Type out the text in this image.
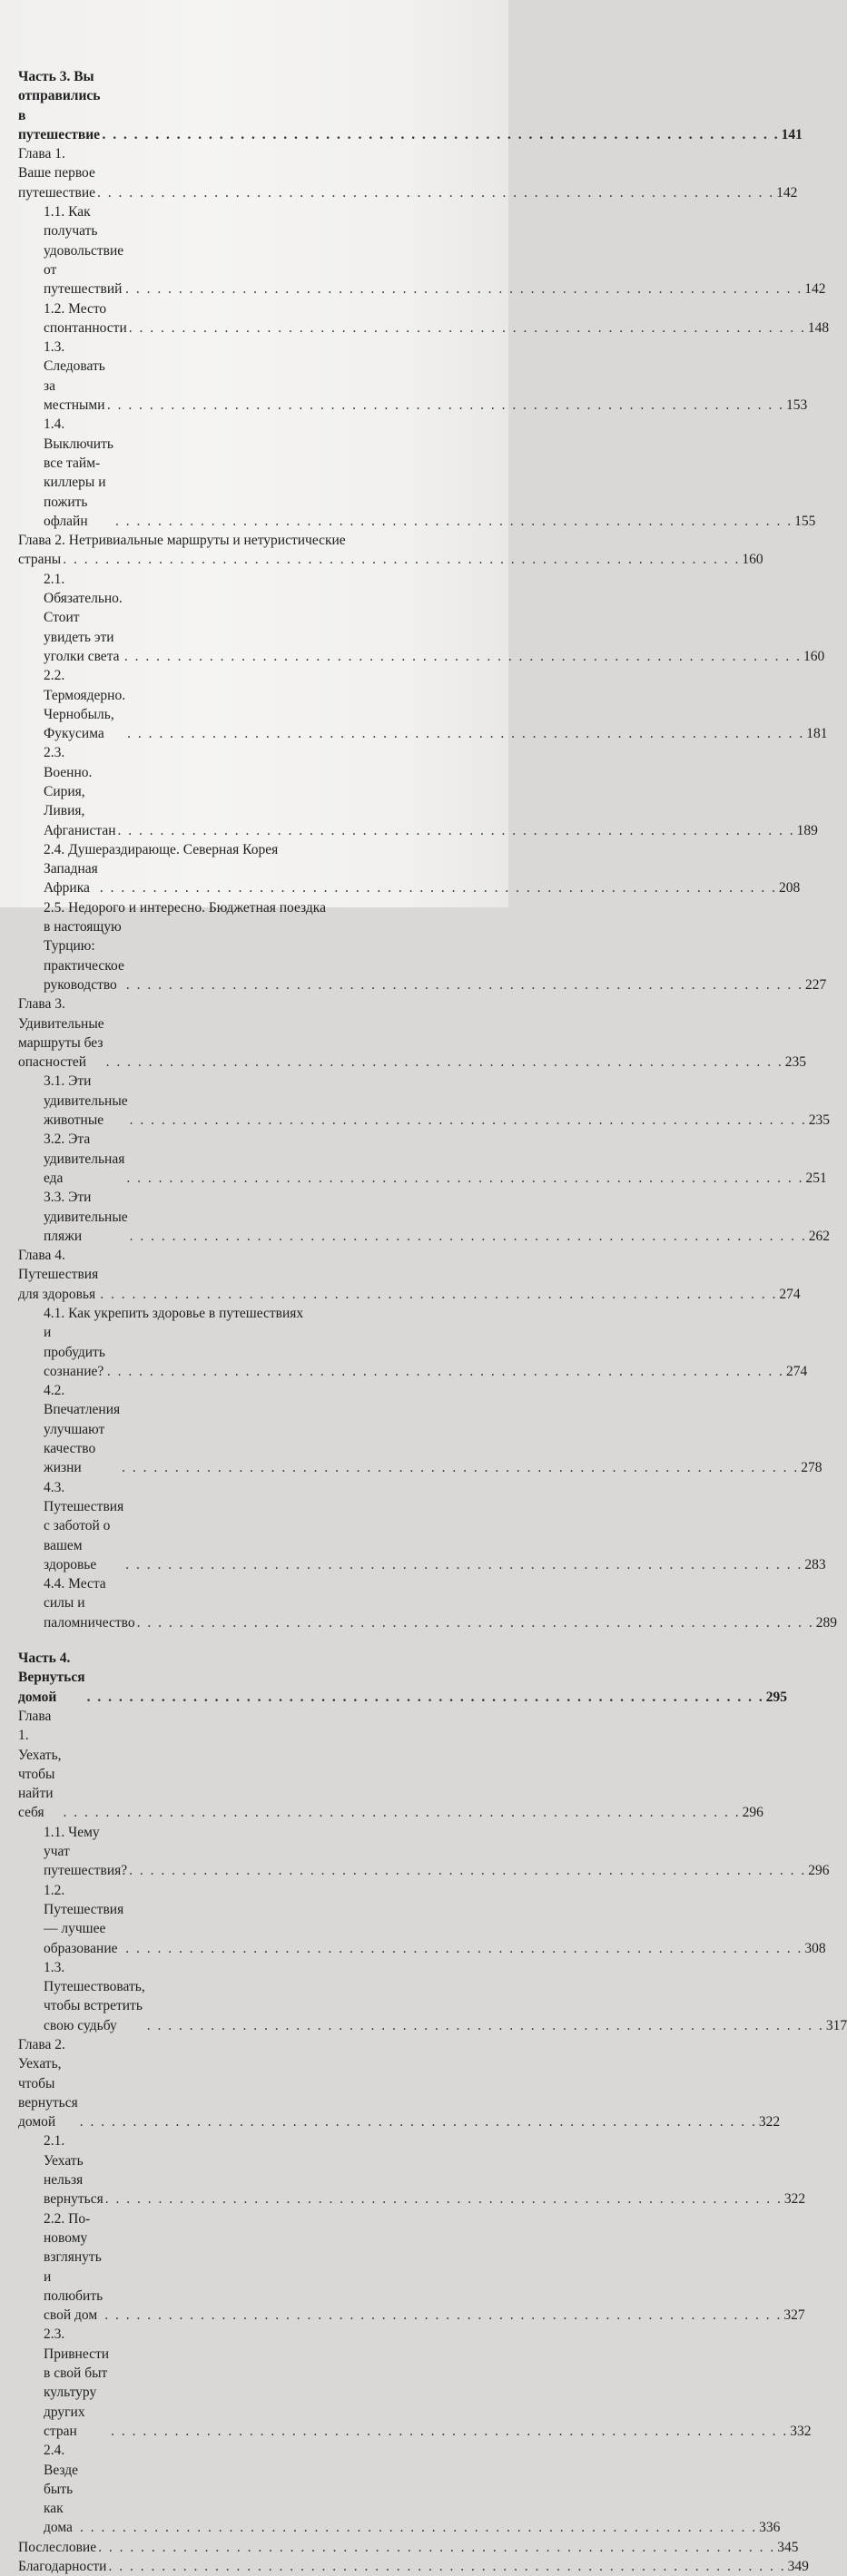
Часть 3. Вы отправились в путешествие . . .	141
Глава 1. Ваше первое путешествие . . .	142
1.1. Как получать удовольствие от путешествий . . .	142
1.2. Место спонтанности . . .	148
1.3. Следовать за местными . . .	153
1.4. Выключить все тайм-киллеры и пожить офлайн . . .	155
Глава 2. Нетривиальные маршруты и нетуристические
страны . . .	160
2.1. Обязательно. Стоит увидеть эти уголки света . . .	160
2.2. Термоядерно. Чернобыль, Фукусима . . .	181
2.3. Военно. Сирия, Ливия, Афганистан . . .	189
2.4. Душераздирающе. Северная Корея
Западная Африка . . .	208
2.5. Недорого и интересно. Бюджетная поездка
в настоящую Турцию: практическое руководство . . .	227
Глава 3. Удивительные маршруты без опасностей . . .	235
3.1. Эти удивительные животные . . .	235
3.2. Эта удивительная еда . . .	251
3.3. Эти удивительные пляжи . . .	262
Глава 4. Путешествия для здоровья . . .	274
4.1. Как укрепить здоровье в путешествиях
и пробудить сознание? . . .	274
4.2. Впечатления улучшают качество жизни . . .	278
4.3. Путешествия с заботой о вашем здоровье . . .	283
4.4. Места силы и паломничество . . .	289
Часть 4. Вернуться домой . . .	295
Глава 1. Уехать, чтобы найти себя . . .	296
1.1. Чему учат путешествия? . . .	296
1.2. Путешествия — лучшее образование . . .	308
1.3. Путешествовать, чтобы встретить свою судьбу . . .	317
Глава 2. Уехать, чтобы вернуться домой . . .	322
2.1. Уехать нельзя вернуться . . .	322
2.2. По-новому взглянуть и полюбить свой дом . . .	327
2.3. Привнести в свой быт культуру других стран . . .	332
2.4. Везде быть как дома . . .	336
Послесловие . . .	345
Благодарности . . .	349
